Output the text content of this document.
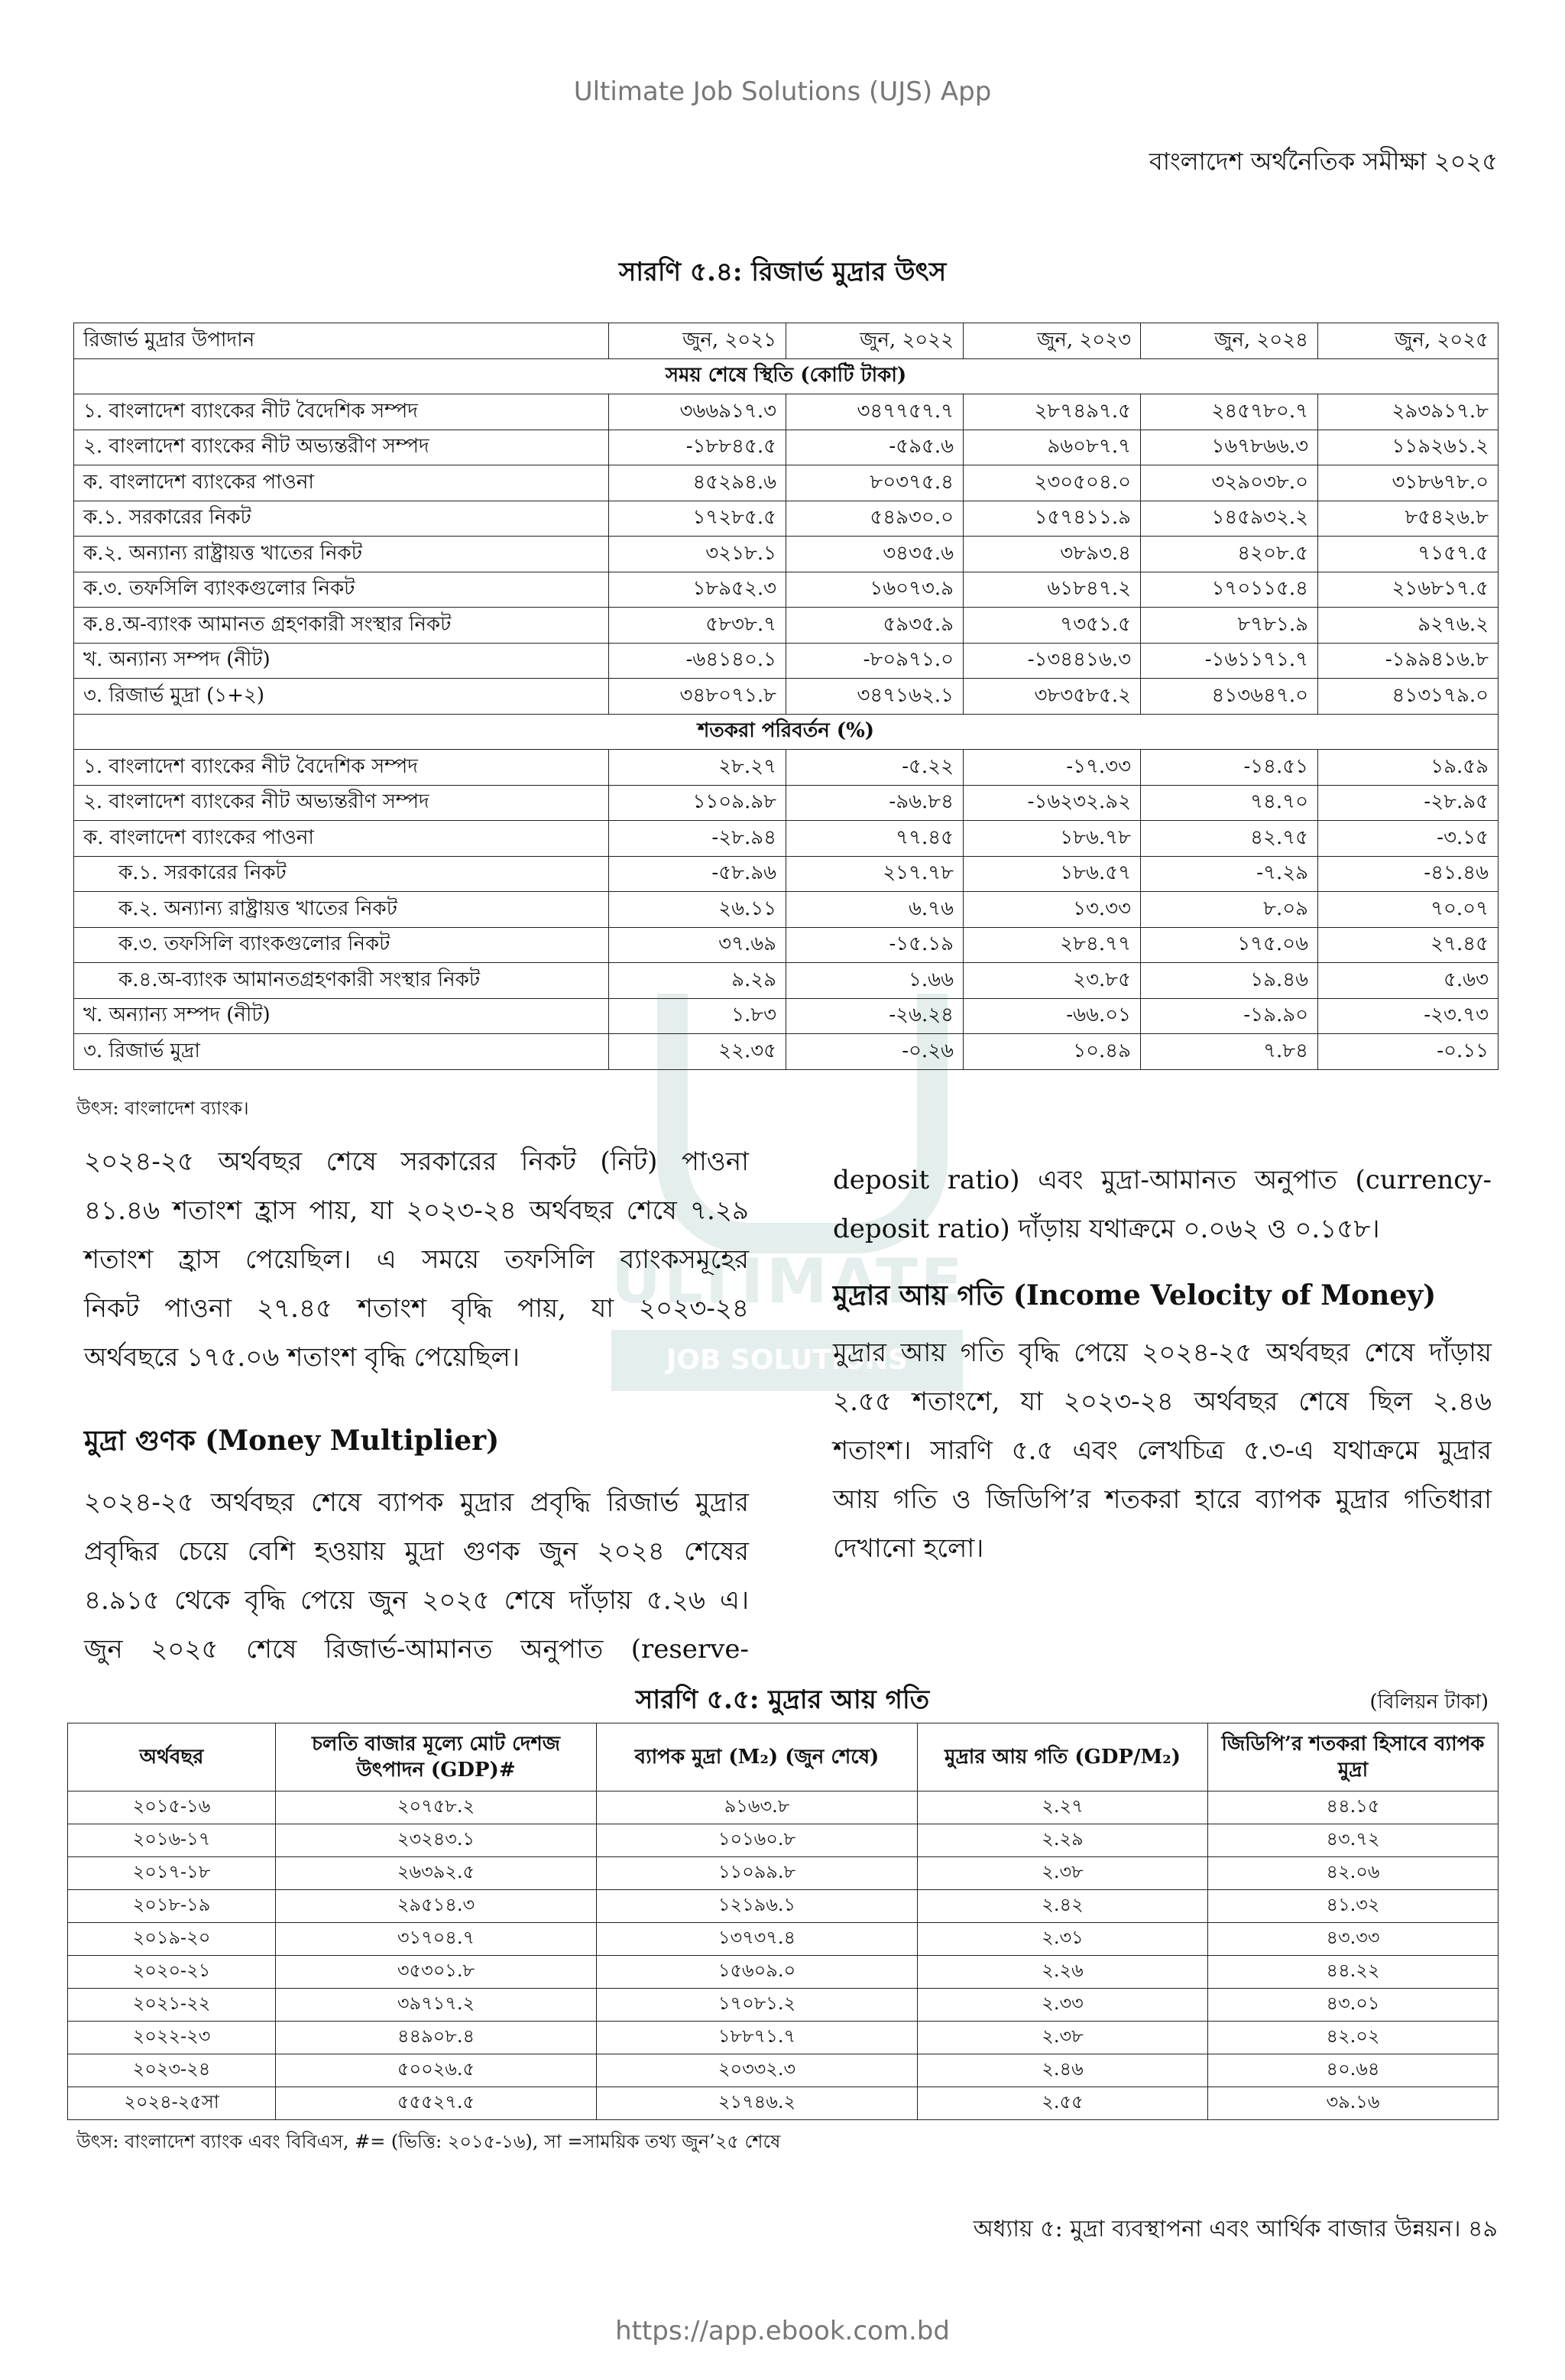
Ultimate Job Solutions (UJS) App
বাংলাদেশ অর্থনৈতিক সমীক্ষা ২০২৫
ULTIMATE
JOB SOLUTIONS
সারণি ৫.৪: রিজার্ভ মুদ্রার উৎস
রিজার্ভ মুদ্রার উপাদান	জুন, ২০২১	জুন, ২০২২	জুন, ২০২৩	জুন, ২০২৪	জুন, ২০২৫
সময় শেষে স্থিতি (কোটি টাকা)					
১. বাংলাদেশ ব্যাংকের নীট বৈদেশিক সম্পদ	৩৬৬৯১৭.৩	৩৪৭৭৫৭.৭	২৮৭৪৯৭.৫	২৪৫৭৮০.৭	২৯৩৯১৭.৮
২. বাংলাদেশ ব্যাংকের নীট অভ্যন্তরীণ সম্পদ	-১৮৮৪৫.৫	-৫৯৫.৬	৯৬০৮৭.৭	১৬৭৮৬৬.৩	১১৯২৬১.২
ক. বাংলাদেশ ব্যাংকের পাওনা	৪৫২৯৪.৬	৮০৩৭৫.৪	২৩০৫০৪.০	৩২৯০৩৮.০	৩১৮৬৭৮.০
ক.১. সরকারের নিকট	১৭২৮৫.৫	৫৪৯৩০.০	১৫৭৪১১.৯	১৪৫৯৩২.২	৮৫৪২৬.৮
ক.২. অন্যান্য রাষ্ট্রায়ত্ত খাতের নিকট	৩২১৮.১	৩৪৩৫.৬	৩৮৯৩.৪	৪২০৮.৫	৭১৫৭.৫
ক.৩. তফসিলি ব্যাংকগুলোর নিকট	১৮৯৫২.৩	১৬০৭৩.৯	৬১৮৪৭.২	১৭০১১৫.৪	২১৬৮১৭.৫
ক.৪.অ-ব্যাংক আমানত গ্রহণকারী সংস্থার নিকট	৫৮৩৮.৭	৫৯৩৫.৯	৭৩৫১.৫	৮৭৮১.৯	৯২৭৬.২
খ. অন্যান্য সম্পদ (নীট)	-৬৪১৪০.১	-৮০৯৭১.০	-১৩৪৪১৬.৩	-১৬১১৭১.৭	-১৯৯৪১৬.৮
৩. রিজার্ভ মুদ্রা (১+২)	৩৪৮০৭১.৮	৩৪৭১৬২.১	৩৮৩৫৮৫.২	৪১৩৬৪৭.০	৪১৩১৭৯.০
শতকরা পরিবর্তন (%)					
১. বাংলাদেশ ব্যাংকের নীট বৈদেশিক সম্পদ	২৮.২৭	-৫.২২	-১৭.৩৩	-১৪.৫১	১৯.৫৯
২. বাংলাদেশ ব্যাংকের নীট অভ্যন্তরীণ সম্পদ	১১০৯.৯৮	-৯৬.৮৪	-১৬২৩২.৯২	৭৪.৭০	-২৮.৯৫
ক. বাংলাদেশ ব্যাংকের পাওনা	-২৮.৯৪	৭৭.৪৫	১৮৬.৭৮	৪২.৭৫	-৩.১৫
ক.১. সরকারের নিকট	-৫৮.৯৬	২১৭.৭৮	১৮৬.৫৭	-৭.২৯	-৪১.৪৬
ক.২. অন্যান্য রাষ্ট্রায়ত্ত খাতের নিকট	২৬.১১	৬.৭৬	১৩.৩৩	৮.০৯	৭০.০৭
ক.৩. তফসিলি ব্যাংকগুলোর নিকট	৩৭.৬৯	-১৫.১৯	২৮৪.৭৭	১৭৫.০৬	২৭.৪৫
ক.৪.অ-ব্যাংক আমানতগ্রহণকারী সংস্থার নিকট	৯.২৯	১.৬৬	২৩.৮৫	১৯.৪৬	৫.৬৩
খ. অন্যান্য সম্পদ (নীট)	১.৮৩	-২৬.২৪	-৬৬.০১	-১৯.৯০	-২৩.৭৩
৩. রিজার্ভ মুদ্রা	২২.৩৫	-০.২৬	১০.৪৯	৭.৮৪	-০.১১
উৎস: বাংলাদেশ ব্যাংক।
২০২৪-২৫ অর্থবছর শেষে সরকারের নিকট (নিট) পাওনা
৪১.৪৬ শতাংশ হ্রাস পায়, যা ২০২৩-২৪ অর্থবছর শেষে ৭.২৯
শতাংশ হ্রাস পেয়েছিল। এ সময়ে তফসিলি ব্যাংকসমূহের
নিকট পাওনা ২৭.৪৫ শতাংশ বৃদ্ধি পায়, যা ২০২৩-২৪
অর্থবছরে ১৭৫.০৬ শতাংশ বৃদ্ধি পেয়েছিল।
মুদ্রা গুণক (Money Multiplier)
২০২৪-২৫ অর্থবছর শেষে ব্যাপক মুদ্রার প্রবৃদ্ধি রিজার্ভ মুদ্রার
প্রবৃদ্ধির চেয়ে বেশি হওয়ায় মুদ্রা গুণক জুন ২০২৪ শেষের
৪.৯১৫ থেকে বৃদ্ধি পেয়ে জুন ২০২৫ শেষে দাঁড়ায় ৫.২৬ এ।
জুন ২০২৫ শেষে রিজার্ভ-আমানত অনুপাত (reserve-
deposit ratio) এবং মুদ্রা-আমানত অনুপাত (currency-
deposit ratio) দাঁড়ায় যথাক্রমে ০.০৬২ ও ০.১৫৮।
মুদ্রার আয় গতি (Income Velocity of Money)
মুদ্রার আয় গতি বৃদ্ধি পেয়ে ২০২৪-২৫ অর্থবছর শেষে দাঁড়ায়
২.৫৫ শতাংশে, যা ২০২৩-২৪ অর্থবছর শেষে ছিল ২.৪৬
শতাংশ। সারণি ৫.৫ এবং লেখচিত্র ৫.৩-এ যথাক্রমে মুদ্রার
আয় গতি ও জিডিপি’র শতকরা হারে ব্যাপক মুদ্রার গতিধারা
দেখানো হলো।
সারণি ৫.৫: মুদ্রার আয় গতি	(বিলিয়ন টাকা)
অর্থবছর	চলতি বাজার মূল্যে মোট দেশজ উৎপাদন (GDP)#	ব্যাপক মুদ্রা (M₂) (জুন শেষে)	মুদ্রার আয় গতি (GDP/M₂)	জিডিপি’র শতকরা হিসাবে ব্যাপক মুদ্রা
২০১৫-১৬	২০৭৫৮.২	৯১৬৩.৮	২.২৭	৪৪.১৫
২০১৬-১৭	২৩২৪৩.১	১০১৬০.৮	২.২৯	৪৩.৭২
২০১৭-১৮	২৬৩৯২.৫	১১০৯৯.৮	২.৩৮	৪২.০৬
২০১৮-১৯	২৯৫১৪.৩	১২১৯৬.১	২.৪২	৪১.৩২
২০১৯-২০	৩১৭০৪.৭	১৩৭৩৭.৪	২.৩১	৪৩.৩৩
২০২০-২১	৩৫৩০১.৮	১৫৬০৯.০	২.২৬	৪৪.২২
২০২১-২২	৩৯৭১৭.২	১৭০৮১.২	২.৩৩	৪৩.০১
২০২২-২৩	৪৪৯০৮.৪	১৮৮৭১.৭	২.৩৮	৪২.০২
২০২৩-২৪	৫০০২৬.৫	২০৩৩২.৩	২.৪৬	৪০.৬৪
২০২৪-২৫সা	৫৫৫২৭.৫	২১৭৪৬.২	২.৫৫	৩৯.১৬
উৎস: বাংলাদেশ ব্যাংক এবং বিবিএস, #= (ভিত্তি: ২০১৫-১৬), সা =সাময়িক তথ্য জুন’২৫ শেষে
অধ্যায় ৫: মুদ্রা ব্যবস্থাপনা এবং আর্থিক বাজার উন্নয়ন। ৪৯
https://app.ebook.com.bd
